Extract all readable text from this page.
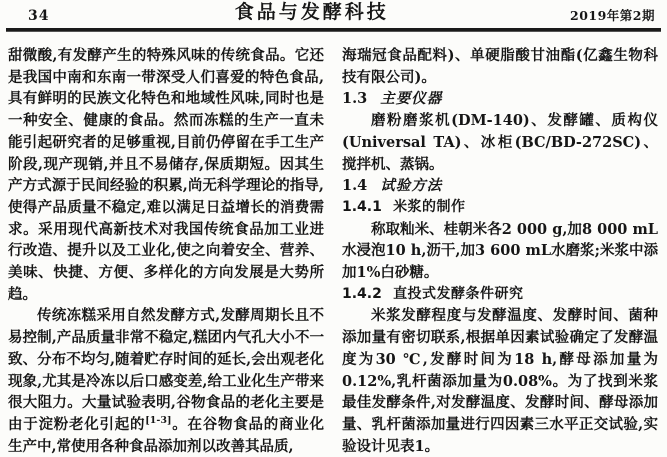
34	食品与发酵科技	2019年第2期

甜微酸,有发酵产生的特殊风味的传统食品。它还是我国中南和东南一带深受人们喜爱的特色食品,具有鲜明的民族文化特色和地域性风味,同时也是一种安全、健康的食品。然而冻糕的生产一直未能引起研究者的足够重视,目前仍停留在手工生产阶段,现产现销,并且不易储存,保质期短。因其生产方式源于民间经验的积累,尚无科学理论的指导,使得产品质量不稳定,难以满足日益增长的消费需求。采用现代高新技术对我国传统食品加工业进行改造、提升以及工业化,使之向着安全、营养、美味、快捷、方便、多样化的方向发展是大势所趋。

传统冻糕采用自然发酵方式,发酵周期长且不易控制,产品质量非常不稳定,糕团内气孔大小不一致、分布不均匀,随着贮存时间的延长,会出观老化现象,尤其是冷冻以后口感变差,给工业化生产带来很大阻力。大量试验表明,谷物食品的老化主要是由于淀粉老化引起的[1-3]。在谷物食品的商业化生产中,常使用各种食品添加剂以改善其品质,

海瑞冠食品配料)、单硬脂酸甘油酯(亿鑫生物科技有限公司)。

1.3 主要仪器

磨粉磨浆机(DM-140)、发酵罐、质构仪(Universal TA)、冰柜(BC/BD-272SC)、搅拌机、蒸锅。

1.4 试验方法

1.4.1 米浆的制作

称取籼米、桂朝米各2 000 g,加8 000 mL水浸泡10 h,沥干,加3 600 mL水磨浆;米浆中添加1%白砂糖。

1.4.2 直投式发酵条件研究

米浆发酵程度与发酵温度、发酵时间、菌种添加量有密切联系,根据单因素试验确定了发酵温度为30 ℃,发酵时间为18 h,酵母添加量为0.12%,乳杆菌添加量为0.08%。为了找到米浆最佳发酵条件,对发酵温度、发酵时间、酵母添加量、乳杆菌添加量进行四因素三水平正交试验,实验设计见表1。
